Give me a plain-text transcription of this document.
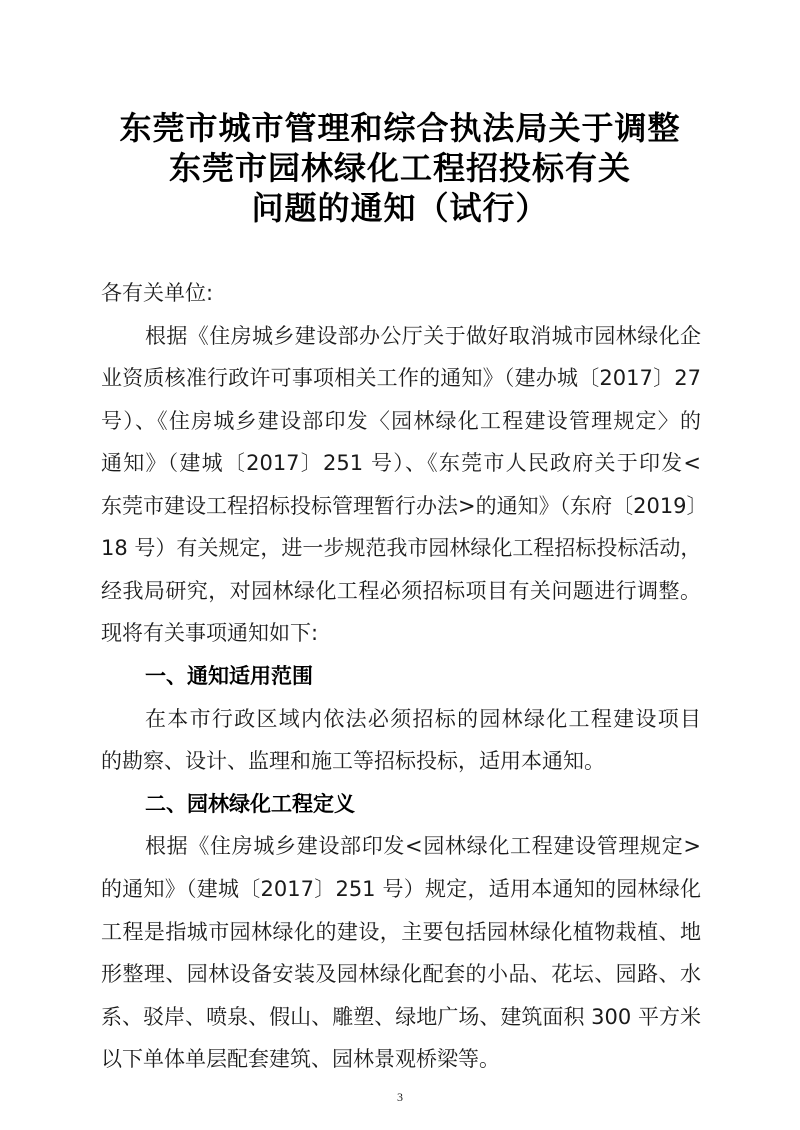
东莞市城市管理和综合执法局关于调整
东莞市园林绿化工程招投标有关
问题的通知（试行）
各有关单位:
根据《住房城乡建设部办公厅关于做好取消城市园林绿化企
业资质核准行政许可事项相关工作的通知》（建办城〔2017〕27
号）、《住房城乡建设部印发〈园林绿化工程建设管理规定〉的
通知》（建城〔2017〕251 号）、《东莞市人民政府关于印发<
东莞市建设工程招标投标管理暂行办法>的通知》（东府〔2019〕
18 号）有关规定，进一步规范我市园林绿化工程招标投标活动，
经我局研究，对园林绿化工程必须招标项目有关问题进行调整。
现将有关事项通知如下:
一、通知适用范围
在本市行政区域内依法必须招标的园林绿化工程建设项目
的勘察、设计、监理和施工等招标投标，适用本通知。
二、园林绿化工程定义
根据《住房城乡建设部印发<园林绿化工程建设管理规定>
的通知》（建城〔2017〕251 号）规定，适用本通知的园林绿化
工程是指城市园林绿化的建设，主要包括园林绿化植物栽植、地
形整理、园林设备安装及园林绿化配套的小品、花坛、园路、水
系、驳岸、喷泉、假山、雕塑、绿地广场、建筑面积 300 平方米
以下单体单层配套建筑、园林景观桥梁等。
3
